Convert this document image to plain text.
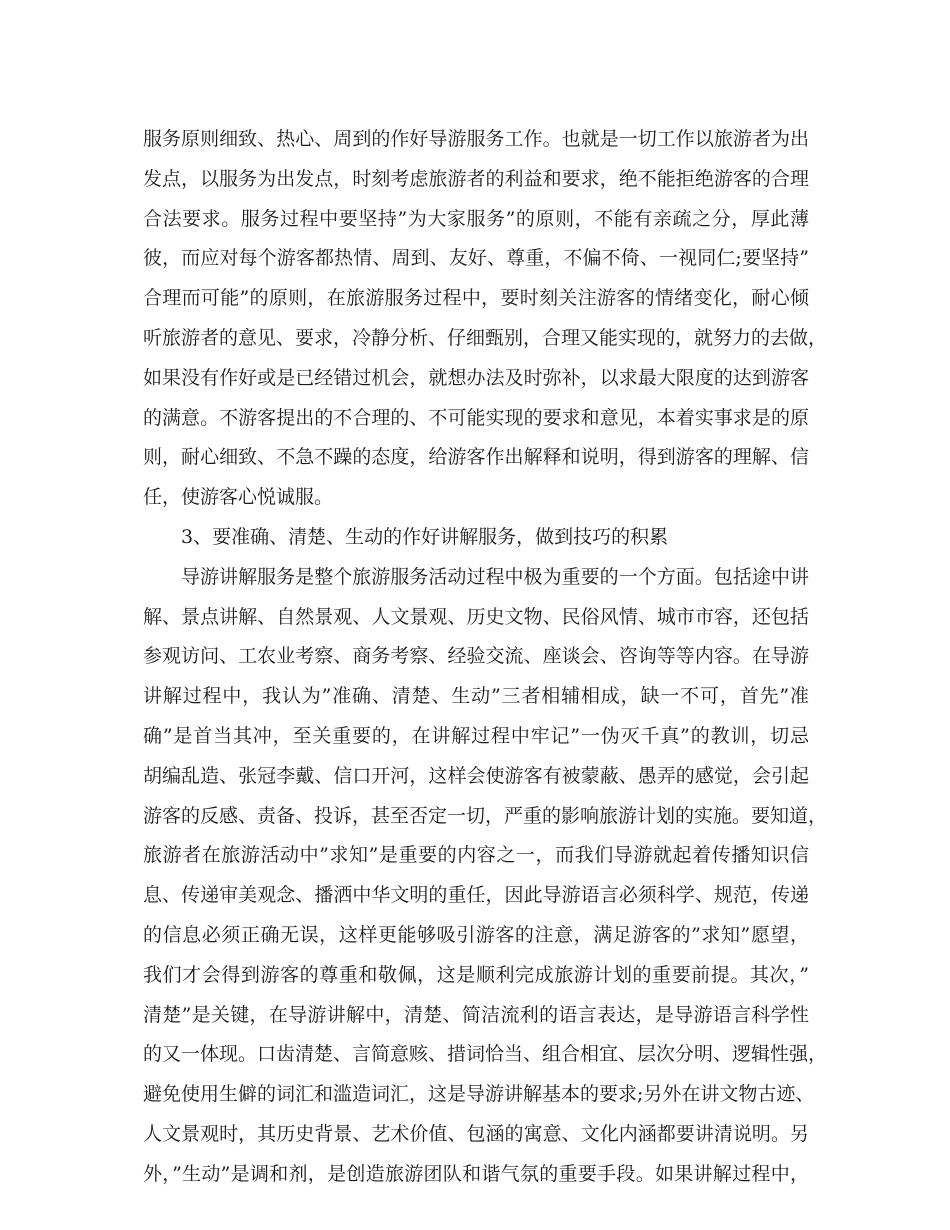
服务原则细致、热心、周到的作好导游服务工作。也就是一切工作以旅游者为出
发点，以服务为出发点，时刻考虑旅游者的利益和要求，绝不能拒绝游客的合理
合法要求。服务过程中要坚持”为大家服务”的原则，不能有亲疏之分，厚此薄
彼，而应对每个游客都热情、周到、友好、尊重，不偏不倚、一视同仁;要坚持”
合理而可能”的原则，在旅游服务过程中，要时刻关注游客的情绪变化，耐心倾
听旅游者的意见、要求，冷静分析、仔细甄别，合理又能实现的，就努力的去做，
如果没有作好或是已经错过机会，就想办法及时弥补，以求最大限度的达到游客
的满意。不游客提出的不合理的、不可能实现的要求和意见，本着实事求是的原
则，耐心细致、不急不躁的态度，给游客作出解释和说明，得到游客的理解、信
任，使游客心悦诚服。
3、要准确、清楚、生动的作好讲解服务，做到技巧的积累
导游讲解服务是整个旅游服务活动过程中极为重要的一个方面。包括途中讲
解、景点讲解、自然景观、人文景观、历史文物、民俗风情、城市市容，还包括
参观访问、工农业考察、商务考察、经验交流、座谈会、咨询等等内容。在导游
讲解过程中，我认为”准确、清楚、生动”三者相辅相成，缺一不可，首先”准
确”是首当其冲，至关重要的，在讲解过程中牢记”一伪灭千真”的教训，切忌
胡编乱造、张冠李戴、信口开河，这样会使游客有被蒙蔽、愚弄的感觉，会引起
游客的反感、责备、投诉，甚至否定一切，严重的影响旅游计划的实施。要知道，
旅游者在旅游活动中”求知”是重要的内容之一，而我们导游就起着传播知识信
息、传递审美观念、播洒中华文明的重任，因此导游语言必须科学、规范，传递
的信息必须正确无误，这样更能够吸引游客的注意，满足游客的”求知”愿望，
我们才会得到游客的尊重和敬佩，这是顺利完成旅游计划的重要前提。其次，”
清楚”是关键，在导游讲解中，清楚、简洁流利的语言表达，是导游语言科学性
的又一体现。口齿清楚、言简意赅、措词恰当、组合相宜、层次分明、逻辑性强，
避免使用生僻的词汇和滥造词汇，这是导游讲解基本的要求;另外在讲文物古迹、
人文景观时，其历史背景、艺术价值、包涵的寓意、文化内涵都要讲清说明。另
外，”生动”是调和剂，是创造旅游团队和谐气氛的重要手段。如果讲解过程中，
